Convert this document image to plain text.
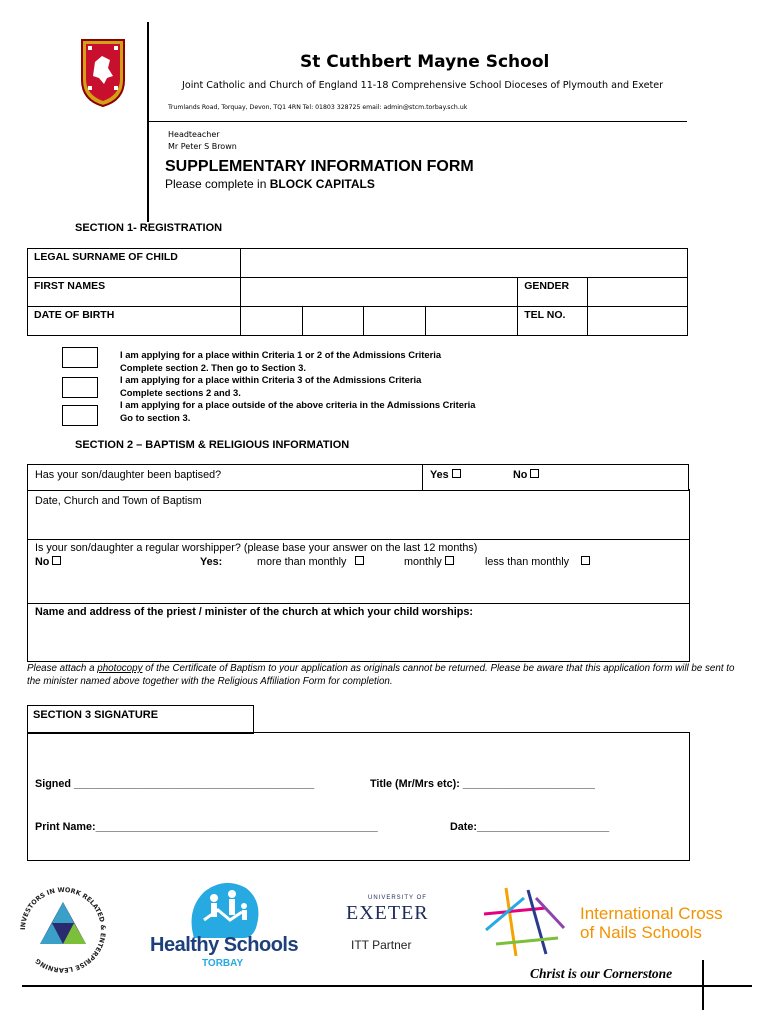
St Cuthbert Mayne School
Joint Catholic and Church of England 11-18 Comprehensive School Dioceses of Plymouth and Exeter
Trumlands Road, Torquay, Devon, TQ1 4RN Tel: 01803 328725 email: admin@stcm.torbay.sch.uk
Headteacher
Mr Peter S Brown
SUPPLEMENTARY INFORMATION FORM
Please complete in BLOCK CAPITALS
SECTION 1- REGISTRATION
LEGAL SURNAME OF CHILD						
FIRST NAMES					GENDER	
DATE OF BIRTH					TEL NO.	
I am applying for a place within Criteria 1 or 2 of the Admissions Criteria
Complete section 2. Then go to Section 3.
I am applying for a place within Criteria 3 of the Admissions Criteria
Complete sections 2 and 3.
I am applying for a place outside of the above criteria in the Admissions Criteria
Go to section 3.
SECTION 2 – BAPTISM & RELIGIOUS INFORMATION
Has your son/daughter been baptised?	Yes	No
Date, Church and Town of Baptism
Is your son/daughter a regular worshipper? (please base your answer on the last 12 months)
No	Yes:	more than monthly	monthly	less than monthly
Name and address of the priest / minister of the church at which your child worships:
Please attach a photocopy of the Certificate of Baptism to your application as originals cannot be returned. Please be aware that this application form will be sent to the minister named above together with the Religious Affiliation Form for completion.
SECTION 3 SIGNATURE
Signed ________________________________________	Title (Mr/Mrs etc): ______________________
Print Name:_______________________________________________	Date:______________________
INVESTORS IN WORK RELATED & ENTERPRISE LEARNING
Healthy Schools
TORBAY
UNIVERSITY OF
EXETER
ITT Partner
International Cross
of Nails Schools
Christ is our Cornerstone
